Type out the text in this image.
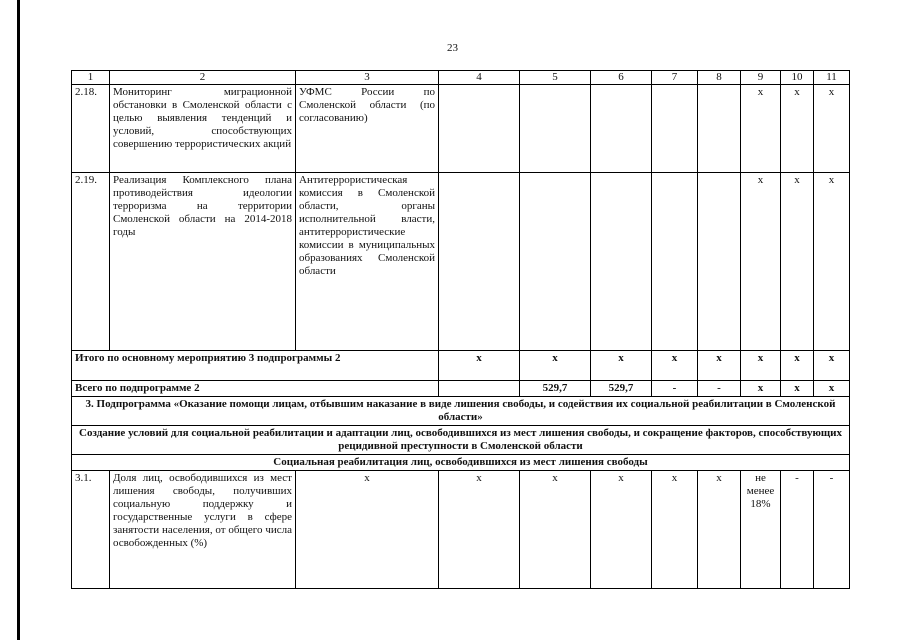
23
1	2	3	4	5	6	7	8	9	10	11
2.18.	Мониторинг миграционной обстановки в Смоленской области с целью выявления тенденций и условий, способствующих совершению террористических акций	УФМС России по Смоленской области (по согласованию)						х	х	х
2.19.	Реализация Комплексного плана противодействия идеологии терроризма на территории Смоленской области на 2014-2018 годы	Антитеррористическая комиссия в Смоленской области, органы исполнительной власти, антитеррористические комиссии в муниципальных образованиях Смоленской области						х	х	х
Итого по основному мероприятию 3 подпрограммы 2			х	х	х	х	х	х	х	х
Всего по подпрограмме 2				529,7	529,7	-	-	х	х	х
3. Подпрограмма «Оказание помощи лицам, отбывшим наказание в виде лишения свободы, и содействия их социальной реабилитации в Смоленской области»										
Создание условий для социальной реабилитации и адаптации лиц, освободившихся из мест лишения свободы, и сокращение факторов, способствующих рецидивной преступности в Смоленской области										
Социальная реабилитация лиц, освободившихся из мест лишения свободы										
3.1.	Доля лиц, освободившихся из мест лишения свободы, получивших социальную поддержку и государственные услуги в сфере занятости населения, от общего числа освобожденных (%)	х	х	х	х	х	х	не менее 18%	-	-
